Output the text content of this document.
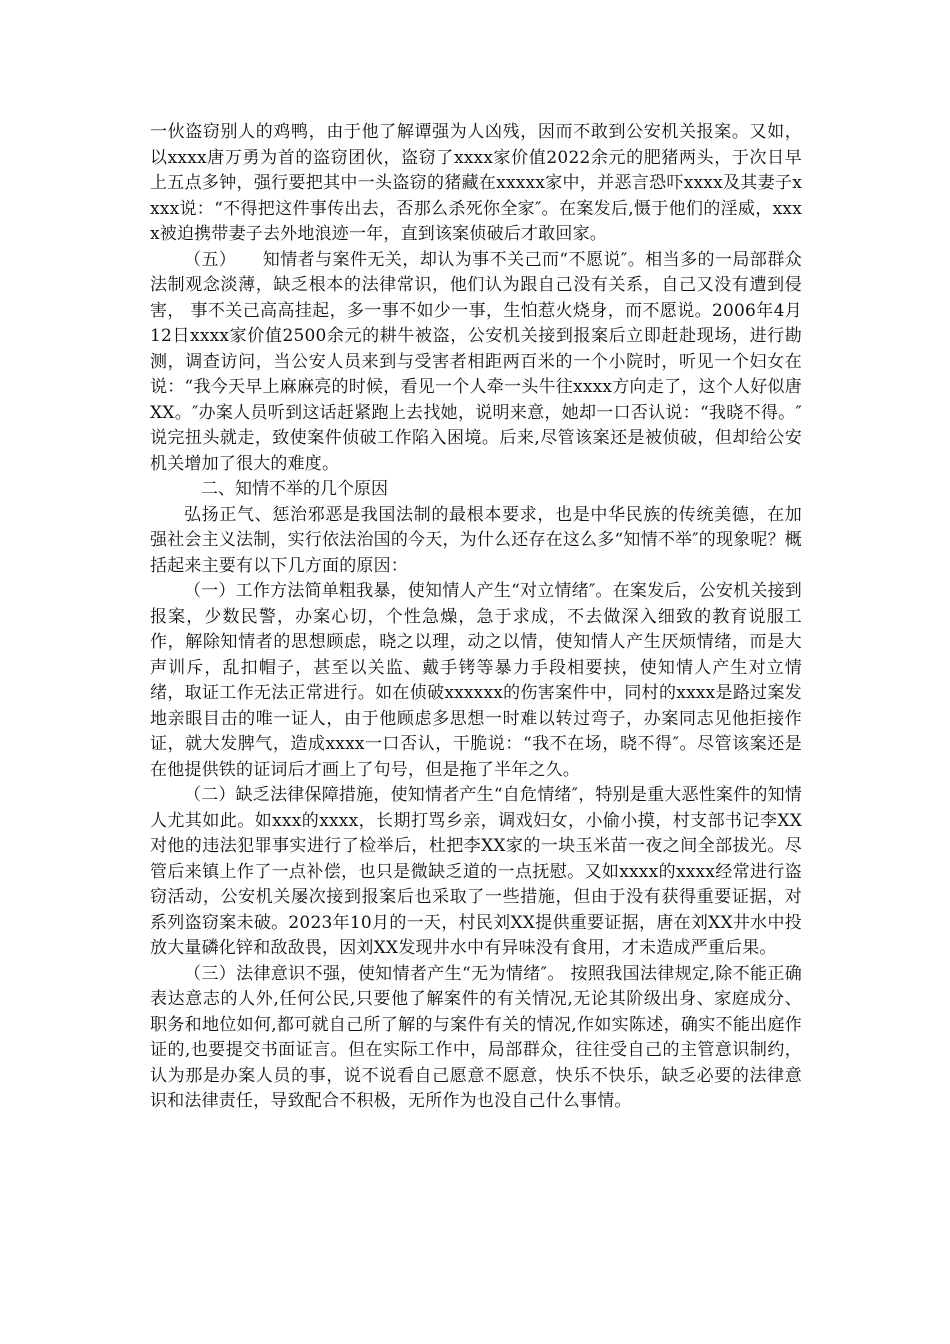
一伙盗窃别人的鸡鸭，由于他了解谭强为人凶残，因而不敢到公安机关报案。又如，以xxxx唐万勇为首的盗窃团伙，盗窃了xxxx家价值2022余元的肥猪两头，于次日早上五点多钟，强行要把其中一头盗窃的猪藏在xxxxx家中，并恶言恐吓xxxx及其妻子xxxx说：“不得把这件事传出去，否那么杀死你全家″。在案发后,慑于他们的淫威，xxxx被迫携带妻子去外地浪迹一年，直到该案侦破后才敢回家。

（五）　　知情者与案件无关，却认为事不关己而“不愿说″。相当多的一局部群众法制观念淡薄，缺乏根本的法律常识，他们认为跟自己没有关系，自己又没有遭到侵害， 事不关己高高挂起，多一事不如少一事，生怕惹火烧身，而不愿说。2006年4月12日xxxx家价值2500余元的耕牛被盗，公安机关接到报案后立即赶赴现场，进行勘测，调查访问，当公安人员来到与受害者相距两百米的一个小院时，听见一个妇女在说：“我今天早上麻麻亮的时候，看见一个人牵一头牛往xxxx方向走了，这个人好似唐XX。″办案人员听到这话赶紧跑上去找她，说明来意，她却一口否认说：“我晓不得。″说完扭头就走，致使案件侦破工作陷入困境。后来,尽管该案还是被侦破，但却给公安机关增加了很大的难度。

二、知情不举的几个原因

弘扬正气、惩治邪恶是我国法制的最根本要求，也是中华民族的传统美德，在加强社会主义法制，实行依法治国的今天，为什么还存在这么多“知情不举″的现象呢？概括起来主要有以下几方面的原因：

（一）工作方法简单粗我暴，使知情人产生“对立情绪″。在案发后，公安机关接到报案，少数民警，办案心切，个性急燥，急于求成，不去做深入细致的教育说服工作，解除知情者的思想顾虑，晓之以理，动之以情，使知情人产生厌烦情绪，而是大声训斥，乱扣帽子，甚至以关监、戴手铐等暴力手段相要挟，使知情人产生对立情绪，取证工作无法正常进行。如在侦破xxxxxx的伤害案件中，同村的xxxx是路过案发地亲眼目击的唯一证人，由于他顾虑多思想一时难以转过弯子，办案同志见他拒接作证，就大发脾气，造成xxxx一口否认，干脆说：“我不在场，晓不得″。尽管该案还是在他提供铁的证词后才画上了句号，但是拖了半年之久。

（二）缺乏法律保障措施，使知情者产生“自危情绪″，特别是重大恶性案件的知情人尤其如此。如xxx的xxxx，长期打骂乡亲，调戏妇女，小偷小摸，村支部书记李XX对他的违法犯罪事实进行了检举后，杜把李XX家的一块玉米苗一夜之间全部拔光。尽管后来镇上作了一点补偿，也只是微缺乏道的一点抚慰。又如xxxx的xxxx经常进行盗窃活动，公安机关屡次接到报案后也采取了一些措施，但由于没有获得重要证据，对系列盗窃案未破。2023年10月的一天，村民刘XX提供重要证据，唐在刘XX井水中投放大量磷化锌和敌敌畏，因刘XX发现井水中有异味没有食用，才未造成严重后果。

（三）法律意识不强，使知情者产生“无为情绪″。 按照我国法律规定,除不能正确表达意志的人外,任何公民,只要他了解案件的有关情况,无论其阶级出身、家庭成分、职务和地位如何,都可就自己所了解的与案件有关的情况,作如实陈述，确实不能出庭作证的,也要提交书面证言。但在实际工作中，局部群众，往往受自己的主管意识制约，认为那是办案人员的事，说不说看自己愿意不愿意，快乐不快乐，缺乏必要的法律意识和法律责任，导致配合不积极，无所作为也没自己什么事情。
